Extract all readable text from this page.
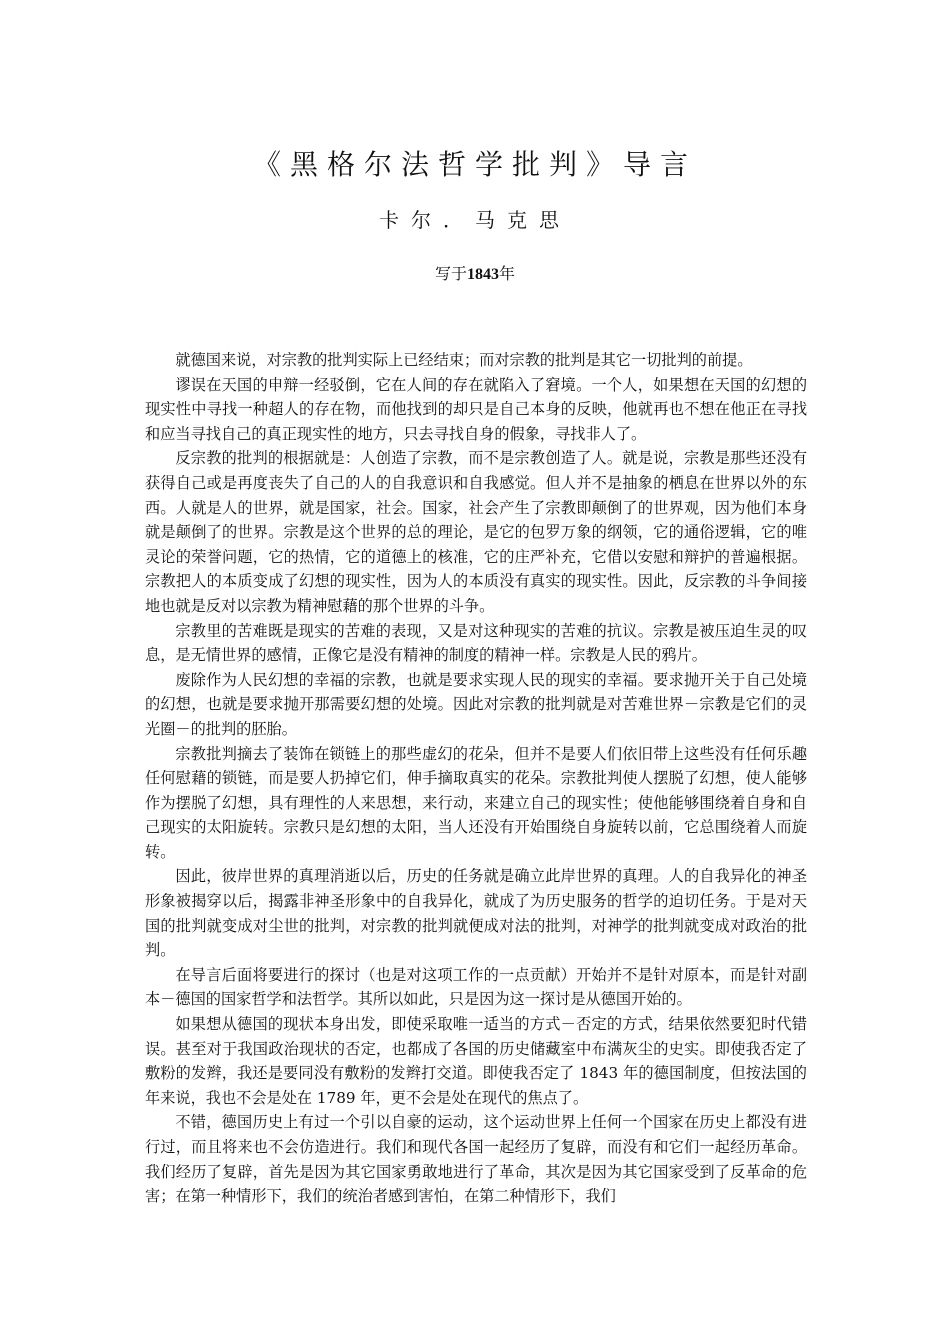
《黑格尔法哲学批判》导言
卡尔．马克思
写于1843年

就德国来说，对宗教的批判实际上已经结束；而对宗教的批判是其它一切批判的前提。

谬误在天国的申辩一经驳倒，它在人间的存在就陷入了窘境。一个人，如果想在天国的幻想的现实性中寻找一种超人的存在物，而他找到的却只是自己本身的反映，他就再也不想在他正在寻找和应当寻找自己的真正现实性的地方，只去寻找自身的假象，寻找非人了。

反宗教的批判的根据就是：人创造了宗教，而不是宗教创造了人。就是说，宗教是那些还没有获得自己或是再度丧失了自己的人的自我意识和自我感觉。但人并不是抽象的栖息在世界以外的东西。人就是人的世界，就是国家，社会。国家，社会产生了宗教即颠倒了的世界观，因为他们本身就是颠倒了的世界。宗教是这个世界的总的理论，是它的包罗万象的纲领，它的通俗逻辑，它的唯灵论的荣誉问题，它的热情，它的道德上的核准，它的庄严补充，它借以安慰和辩护的普遍根据。宗教把人的本质变成了幻想的现实性，因为人的本质没有真实的现实性。因此，反宗教的斗争间接地也就是反对以宗教为精神慰藉的那个世界的斗争。

宗教里的苦难既是现实的苦难的表现，又是对这种现实的苦难的抗议。宗教是被压迫生灵的叹息，是无情世界的感情，正像它是没有精神的制度的精神一样。宗教是人民的鸦片。

废除作为人民幻想的幸福的宗教，也就是要求实现人民的现实的幸福。要求抛开关于自己处境的幻想，也就是要求抛开那需要幻想的处境。因此对宗教的批判就是对苦难世界－宗教是它们的灵光圈－的批判的胚胎。

宗教批判摘去了装饰在锁链上的那些虚幻的花朵，但并不是要人们依旧带上这些没有任何乐趣任何慰藉的锁链，而是要人扔掉它们，伸手摘取真实的花朵。宗教批判使人摆脱了幻想，使人能够作为摆脱了幻想，具有理性的人来思想，来行动，来建立自己的现实性；使他能够围绕着自身和自己现实的太阳旋转。宗教只是幻想的太阳，当人还没有开始围绕自身旋转以前，它总围绕着人而旋转。

因此，彼岸世界的真理消逝以后，历史的任务就是确立此岸世界的真理。人的自我异化的神圣形象被揭穿以后，揭露非神圣形象中的自我异化，就成了为历史服务的哲学的迫切任务。于是对天国的批判就变成对尘世的批判，对宗教的批判就便成对法的批判，对神学的批判就变成对政治的批判。

在导言后面将要进行的探讨（也是对这项工作的一点贡献）开始并不是针对原本，而是针对副本－德国的国家哲学和法哲学。其所以如此，只是因为这一探讨是从德国开始的。

如果想从德国的现状本身出发，即使采取唯一适当的方式－否定的方式，结果依然要犯时代错误。甚至对于我国政治现状的否定，也都成了各国的历史储藏室中布满灰尘的史实。即使我否定了敷粉的发辫，我还是要同没有敷粉的发辫打交道。即使我否定了 1843 年的德国制度，但按法国的年来说，我也不会是处在 1789 年，更不会是处在现代的焦点了。

不错，德国历史上有过一个引以自豪的运动，这个运动世界上任何一个国家在历史上都没有进行过，而且将来也不会仿造进行。我们和现代各国一起经历了复辟，而没有和它们一起经历革命。我们经历了复辟，首先是因为其它国家勇敢地进行了革命，其次是因为其它国家受到了反革命的危害；在第一种情形下，我们的统治者感到害怕，在第二种情形下，我们
